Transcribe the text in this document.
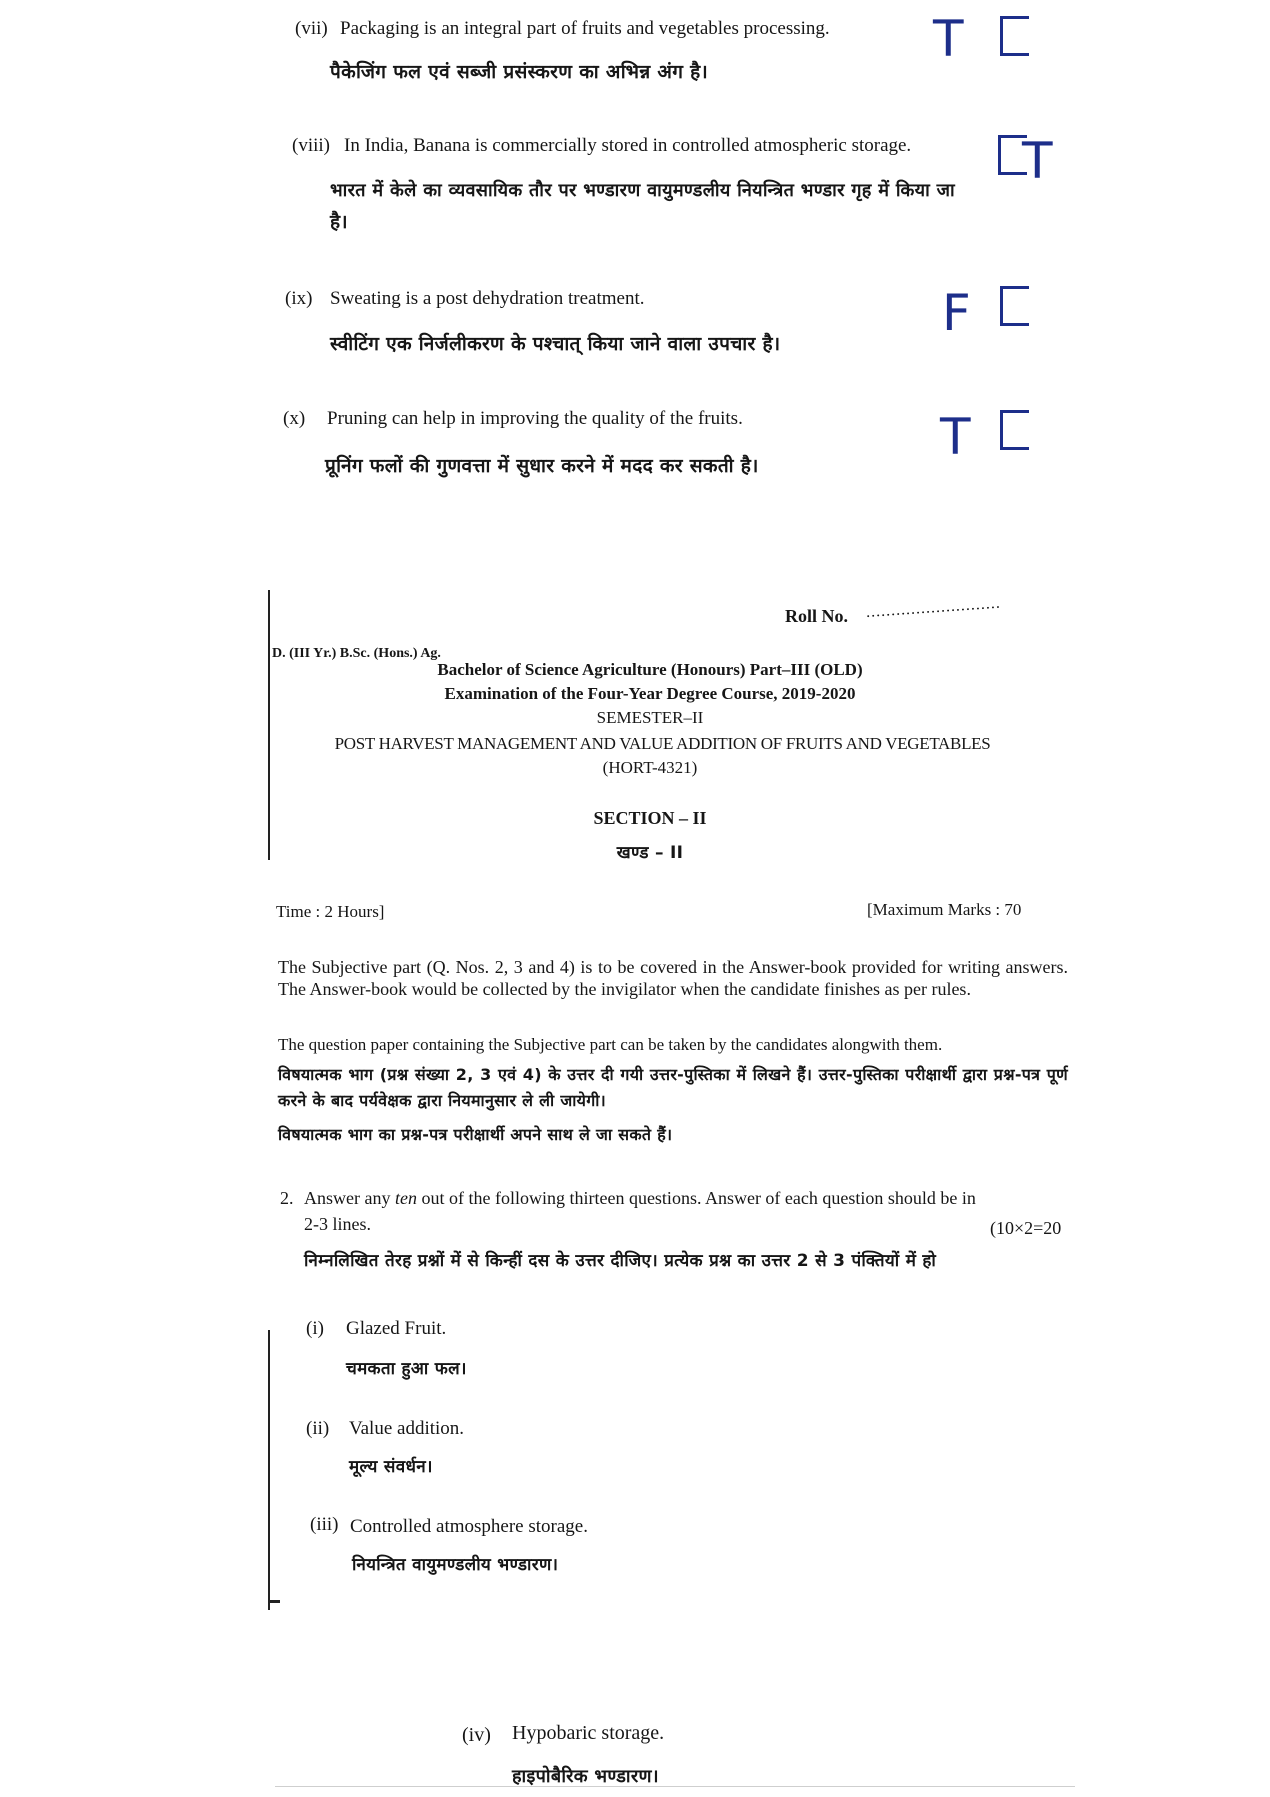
(vii) Packaging is an integral part of fruits and vegetables processing.
पैकेजिंग फल एवं सब्जी प्रसंस्करण का अभिन्न अंग है।
T
(viii) In India, Banana is commercially stored in controlled atmospheric storage.
भारत में केले का व्यवसायिक तौर पर भण्डारण वायुमण्डलीय नियन्त्रित भण्डार गृह में किया जा
है।
T
(ix) Sweating is a post dehydration treatment.
स्वीटिंग एक निर्जलीकरण के पश्चात् किया जाने वाला उपचार है।
F
(x) Pruning can help in improving the quality of the fruits.
प्रूनिंग फलों की गुणवत्ता में सुधार करने में मदद कर सकती है।	T
Roll No. ...........................
D. (III Yr.) B.Sc. (Hons.) Ag.
Bachelor of Science Agriculture (Honours) Part–III (OLD)
Examination of the Four-Year Degree Course, 2019-2020
SEMESTER–II
POST HARVEST MANAGEMENT AND VALUE ADDITION OF FRUITS AND VEGETABLES
(HORT-4321)
SECTION – II
खण्ड – II
Time : 2 Hours]	[Maximum Marks : 70
The Subjective part (Q. Nos. 2, 3 and 4) is to be covered in the Answer-book provided for writing answers. The Answer-book would be collected by the invigilator when the candidate finishes as per rules.
The question paper containing the Subjective part can be taken by the candidates alongwith them.
विषयात्मक भाग (प्रश्न संख्या 2, 3 एवं 4) के उत्तर दी गयी उत्तर-पुस्तिका में लिखने हैं। उत्तर-पुस्तिका परीक्षार्थी द्वारा प्रश्न-पत्र पूर्ण करने के बाद पर्यवेक्षक द्वारा नियमानुसार ले ली जायेगी।
विषयात्मक भाग का प्रश्न-पत्र परीक्षार्थी अपने साथ ले जा सकते हैं।
2. Answer any ten out of the following thirteen questions. Answer of each question should be in
2-3 lines.	(10×2=20
निम्नलिखित तेरह प्रश्नों में से किन्हीं दस के उत्तर दीजिए। प्रत्येक प्रश्न का उत्तर 2 से 3 पंक्तियों में हो
(i) Glazed Fruit.
चमकता हुआ फल।
(ii) Value addition.
मूल्य संवर्धन।
(iii) Controlled atmosphere storage.
नियन्त्रित वायुमण्डलीय भण्डारण।
(iv) Hypobaric storage.
हाइपोबैरिक भण्डारण।
